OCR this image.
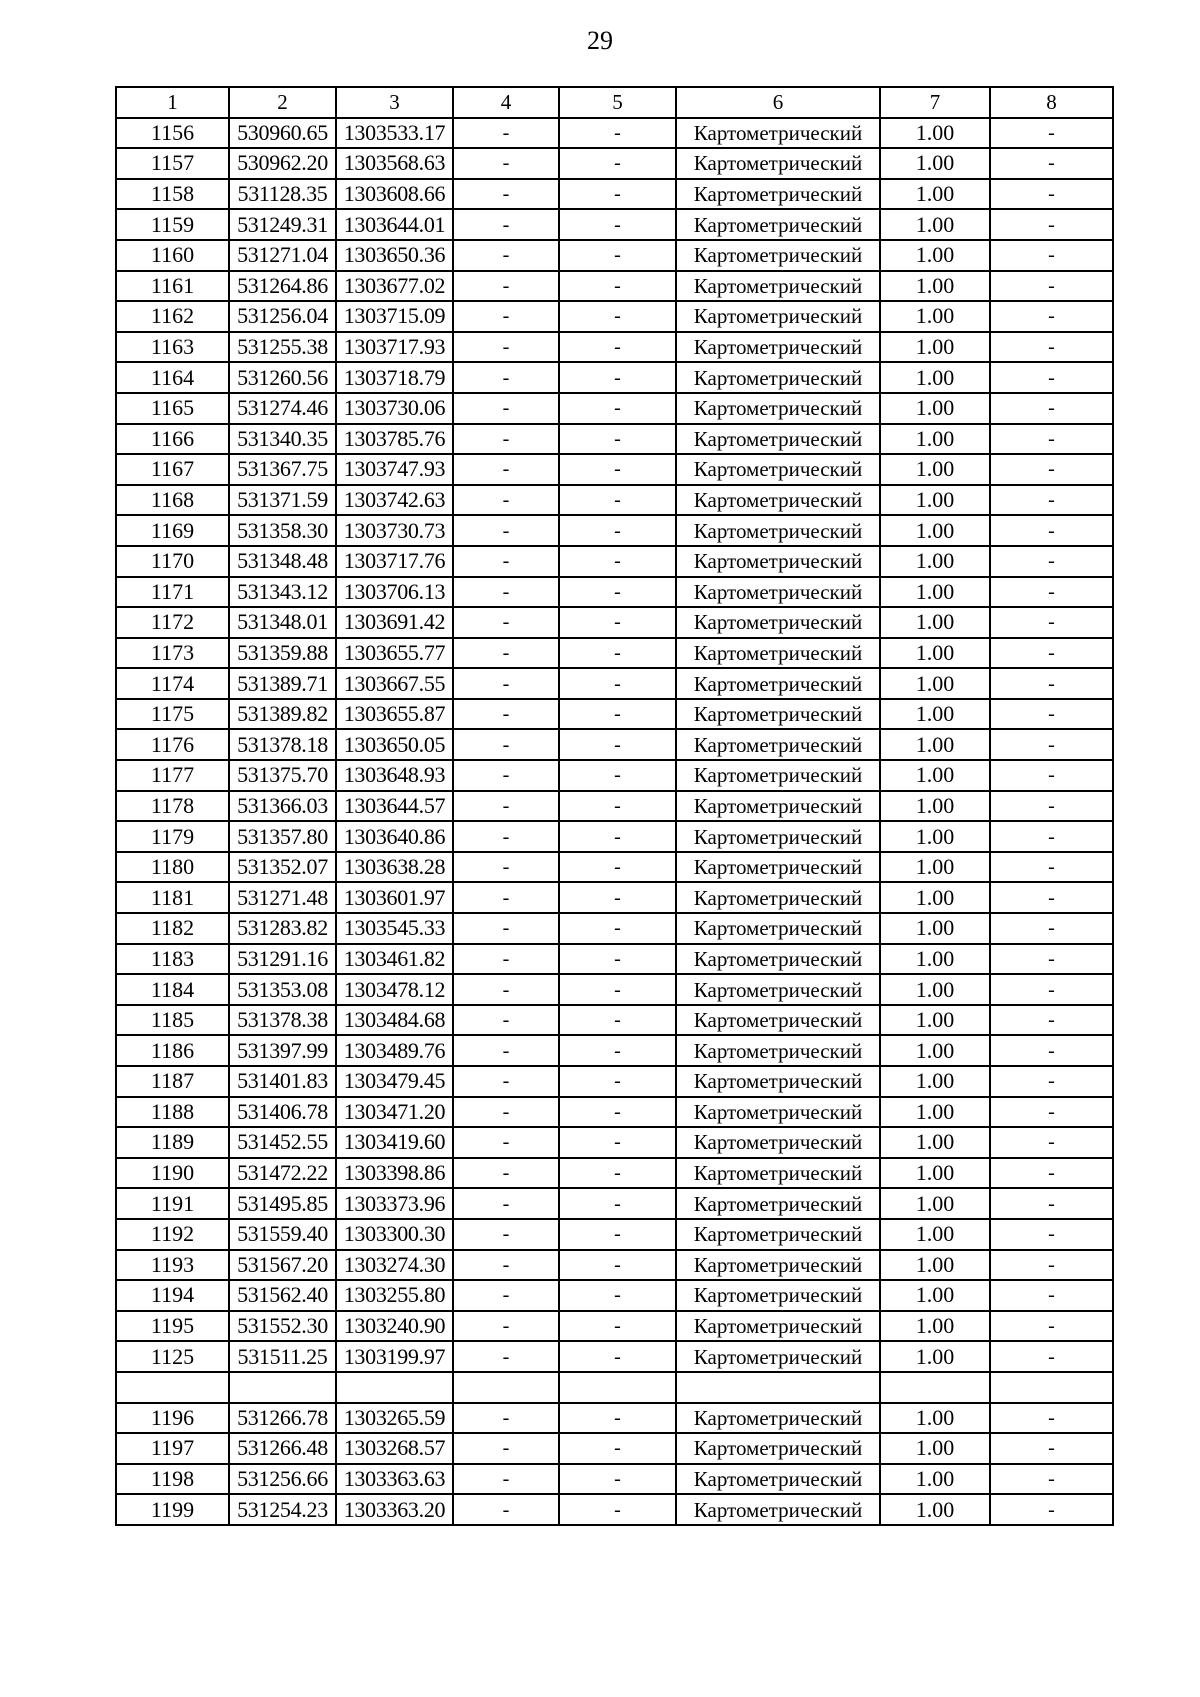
29
1	2	3	4	5	6	7	8
1156	530960.65	1303533.17	-	-	Картометрический	1.00	-
1157	530962.20	1303568.63	-	-	Картометрический	1.00	-
1158	531128.35	1303608.66	-	-	Картометрический	1.00	-
1159	531249.31	1303644.01	-	-	Картометрический	1.00	-
1160	531271.04	1303650.36	-	-	Картометрический	1.00	-
1161	531264.86	1303677.02	-	-	Картометрический	1.00	-
1162	531256.04	1303715.09	-	-	Картометрический	1.00	-
1163	531255.38	1303717.93	-	-	Картометрический	1.00	-
1164	531260.56	1303718.79	-	-	Картометрический	1.00	-
1165	531274.46	1303730.06	-	-	Картометрический	1.00	-
1166	531340.35	1303785.76	-	-	Картометрический	1.00	-
1167	531367.75	1303747.93	-	-	Картометрический	1.00	-
1168	531371.59	1303742.63	-	-	Картометрический	1.00	-
1169	531358.30	1303730.73	-	-	Картометрический	1.00	-
1170	531348.48	1303717.76	-	-	Картометрический	1.00	-
1171	531343.12	1303706.13	-	-	Картометрический	1.00	-
1172	531348.01	1303691.42	-	-	Картометрический	1.00	-
1173	531359.88	1303655.77	-	-	Картометрический	1.00	-
1174	531389.71	1303667.55	-	-	Картометрический	1.00	-
1175	531389.82	1303655.87	-	-	Картометрический	1.00	-
1176	531378.18	1303650.05	-	-	Картометрический	1.00	-
1177	531375.70	1303648.93	-	-	Картометрический	1.00	-
1178	531366.03	1303644.57	-	-	Картометрический	1.00	-
1179	531357.80	1303640.86	-	-	Картометрический	1.00	-
1180	531352.07	1303638.28	-	-	Картометрический	1.00	-
1181	531271.48	1303601.97	-	-	Картометрический	1.00	-
1182	531283.82	1303545.33	-	-	Картометрический	1.00	-
1183	531291.16	1303461.82	-	-	Картометрический	1.00	-
1184	531353.08	1303478.12	-	-	Картометрический	1.00	-
1185	531378.38	1303484.68	-	-	Картометрический	1.00	-
1186	531397.99	1303489.76	-	-	Картометрический	1.00	-
1187	531401.83	1303479.45	-	-	Картометрический	1.00	-
1188	531406.78	1303471.20	-	-	Картометрический	1.00	-
1189	531452.55	1303419.60	-	-	Картометрический	1.00	-
1190	531472.22	1303398.86	-	-	Картометрический	1.00	-
1191	531495.85	1303373.96	-	-	Картометрический	1.00	-
1192	531559.40	1303300.30	-	-	Картометрический	1.00	-
1193	531567.20	1303274.30	-	-	Картометрический	1.00	-
1194	531562.40	1303255.80	-	-	Картометрический	1.00	-
1195	531552.30	1303240.90	-	-	Картометрический	1.00	-
1125	531511.25	1303199.97	-	-	Картометрический	1.00	-

1196	531266.78	1303265.59	-	-	Картометрический	1.00	-
1197	531266.48	1303268.57	-	-	Картометрический	1.00	-
1198	531256.66	1303363.63	-	-	Картометрический	1.00	-
1199	531254.23	1303363.20	-	-	Картометрический	1.00	-
